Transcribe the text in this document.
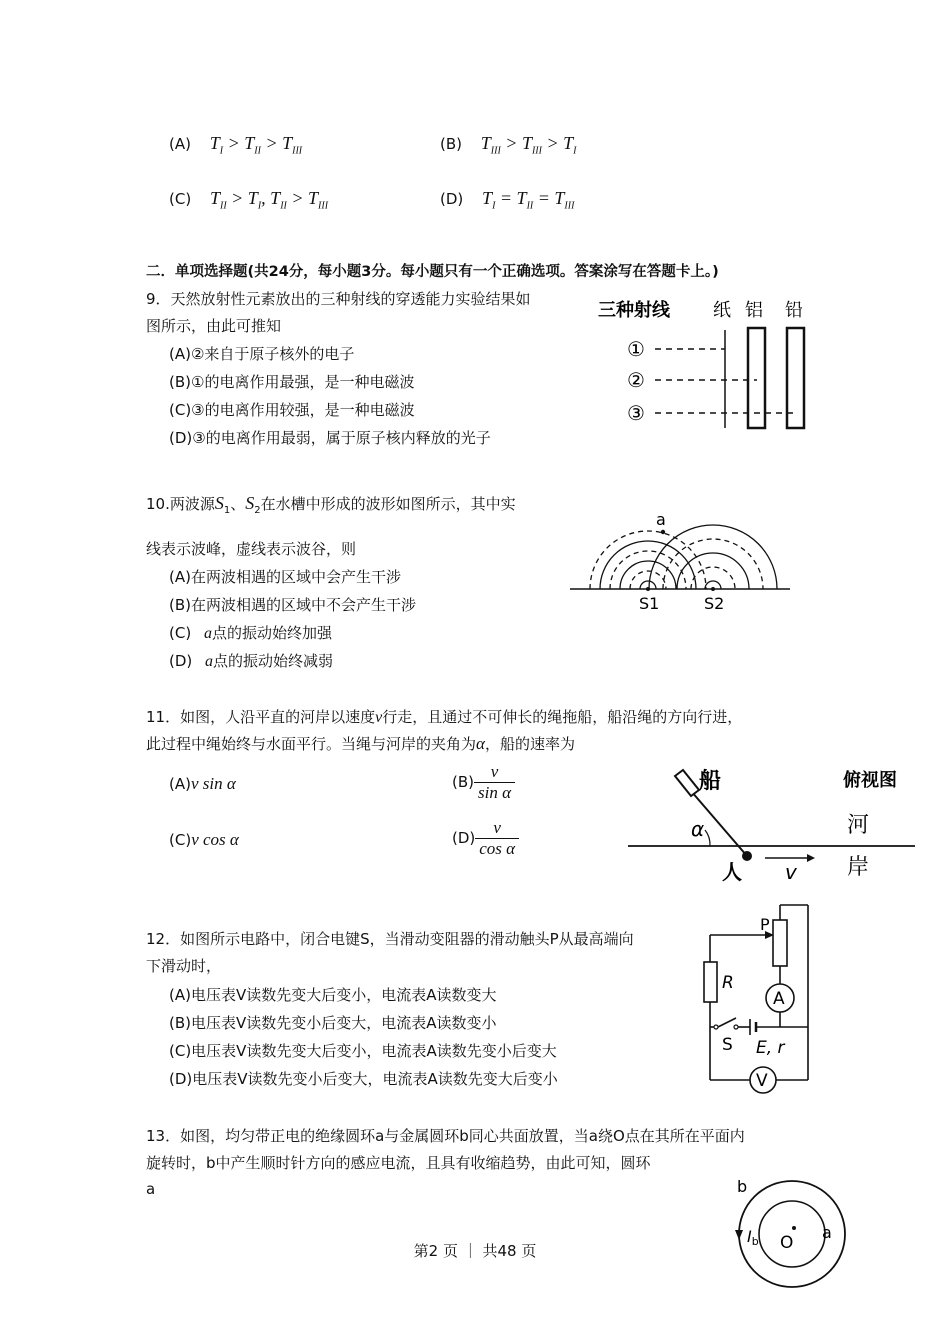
(A) $T_I > T_{II} > T_{III}$	(B) $T_{III} > T_{III} > T_I$
(C) $T_{II} > T_I$, $T_{II} > T_{III}$	(D) $T_I = T_{II} = T_{III}$
二．单项选择题(共24分，每小题3分。每小题只有一个正确选项。答案涂写在答题卡上。)
9．天然放射性元素放出的三种射线的穿透能力实验结果如
图所示，由此可推知
(A)②来自于原子核外的电子
(B)①的电离作用最强，是一种电磁波
(C)③的电离作用较强，是一种电磁波
(D)③的电离作用最弱，属于原子核内释放的光子
三种射线 纸 铝 铅
①
②
③
10.两波源$S_1$、$S_2$在水槽中形成的波形如图所示，其中实
线表示波峰，虚线表示波谷，则
(A)在两波相遇的区域中会产生干涉
(B)在两波相遇的区域中不会产生干涉
(C) a点的振动始终加强
(D) a点的振动始终减弱
a
S1	S2
11．如图，人沿平直的河岸以速度v行走，且通过不可伸长的绳拖船，船沿绳的方向行进，
此过程中绳始终与水面平行。当绳与河岸的夹角为α，船的速率为
(A)v sin α	$(B) \frac{v}{\text{sin α}}$
(C)v cos α	$(D) \frac{v}{\text{cos α}}$	α
船	俯视图
河
岸
人 v
12．如图所示电路中，闭合电键S，当滑动变阻器的滑动触头P从最高端向
下滑动时，
(A)电压表V读数先变大后变小，电流表A读数变大
(B)电压表V读数先变小后变大，电流表A读数变小
(C)电压表V读数先变大后变小，电流表A读数先变小后变大
(D)电压表V读数先变小后变大，电流表A读数先变大后变小
P
A
R
S E, r
V
13．如图，均匀带正电的绝缘圆环a与金属圆环b同心共面放置，当a绕O点在其所在平面内
旋转时，b中产生顺时针方向的感应电流，且具有收缩趋势，由此可知，圆环
a
O
a
b
Ib
第2 页 ｜ 共48 页
